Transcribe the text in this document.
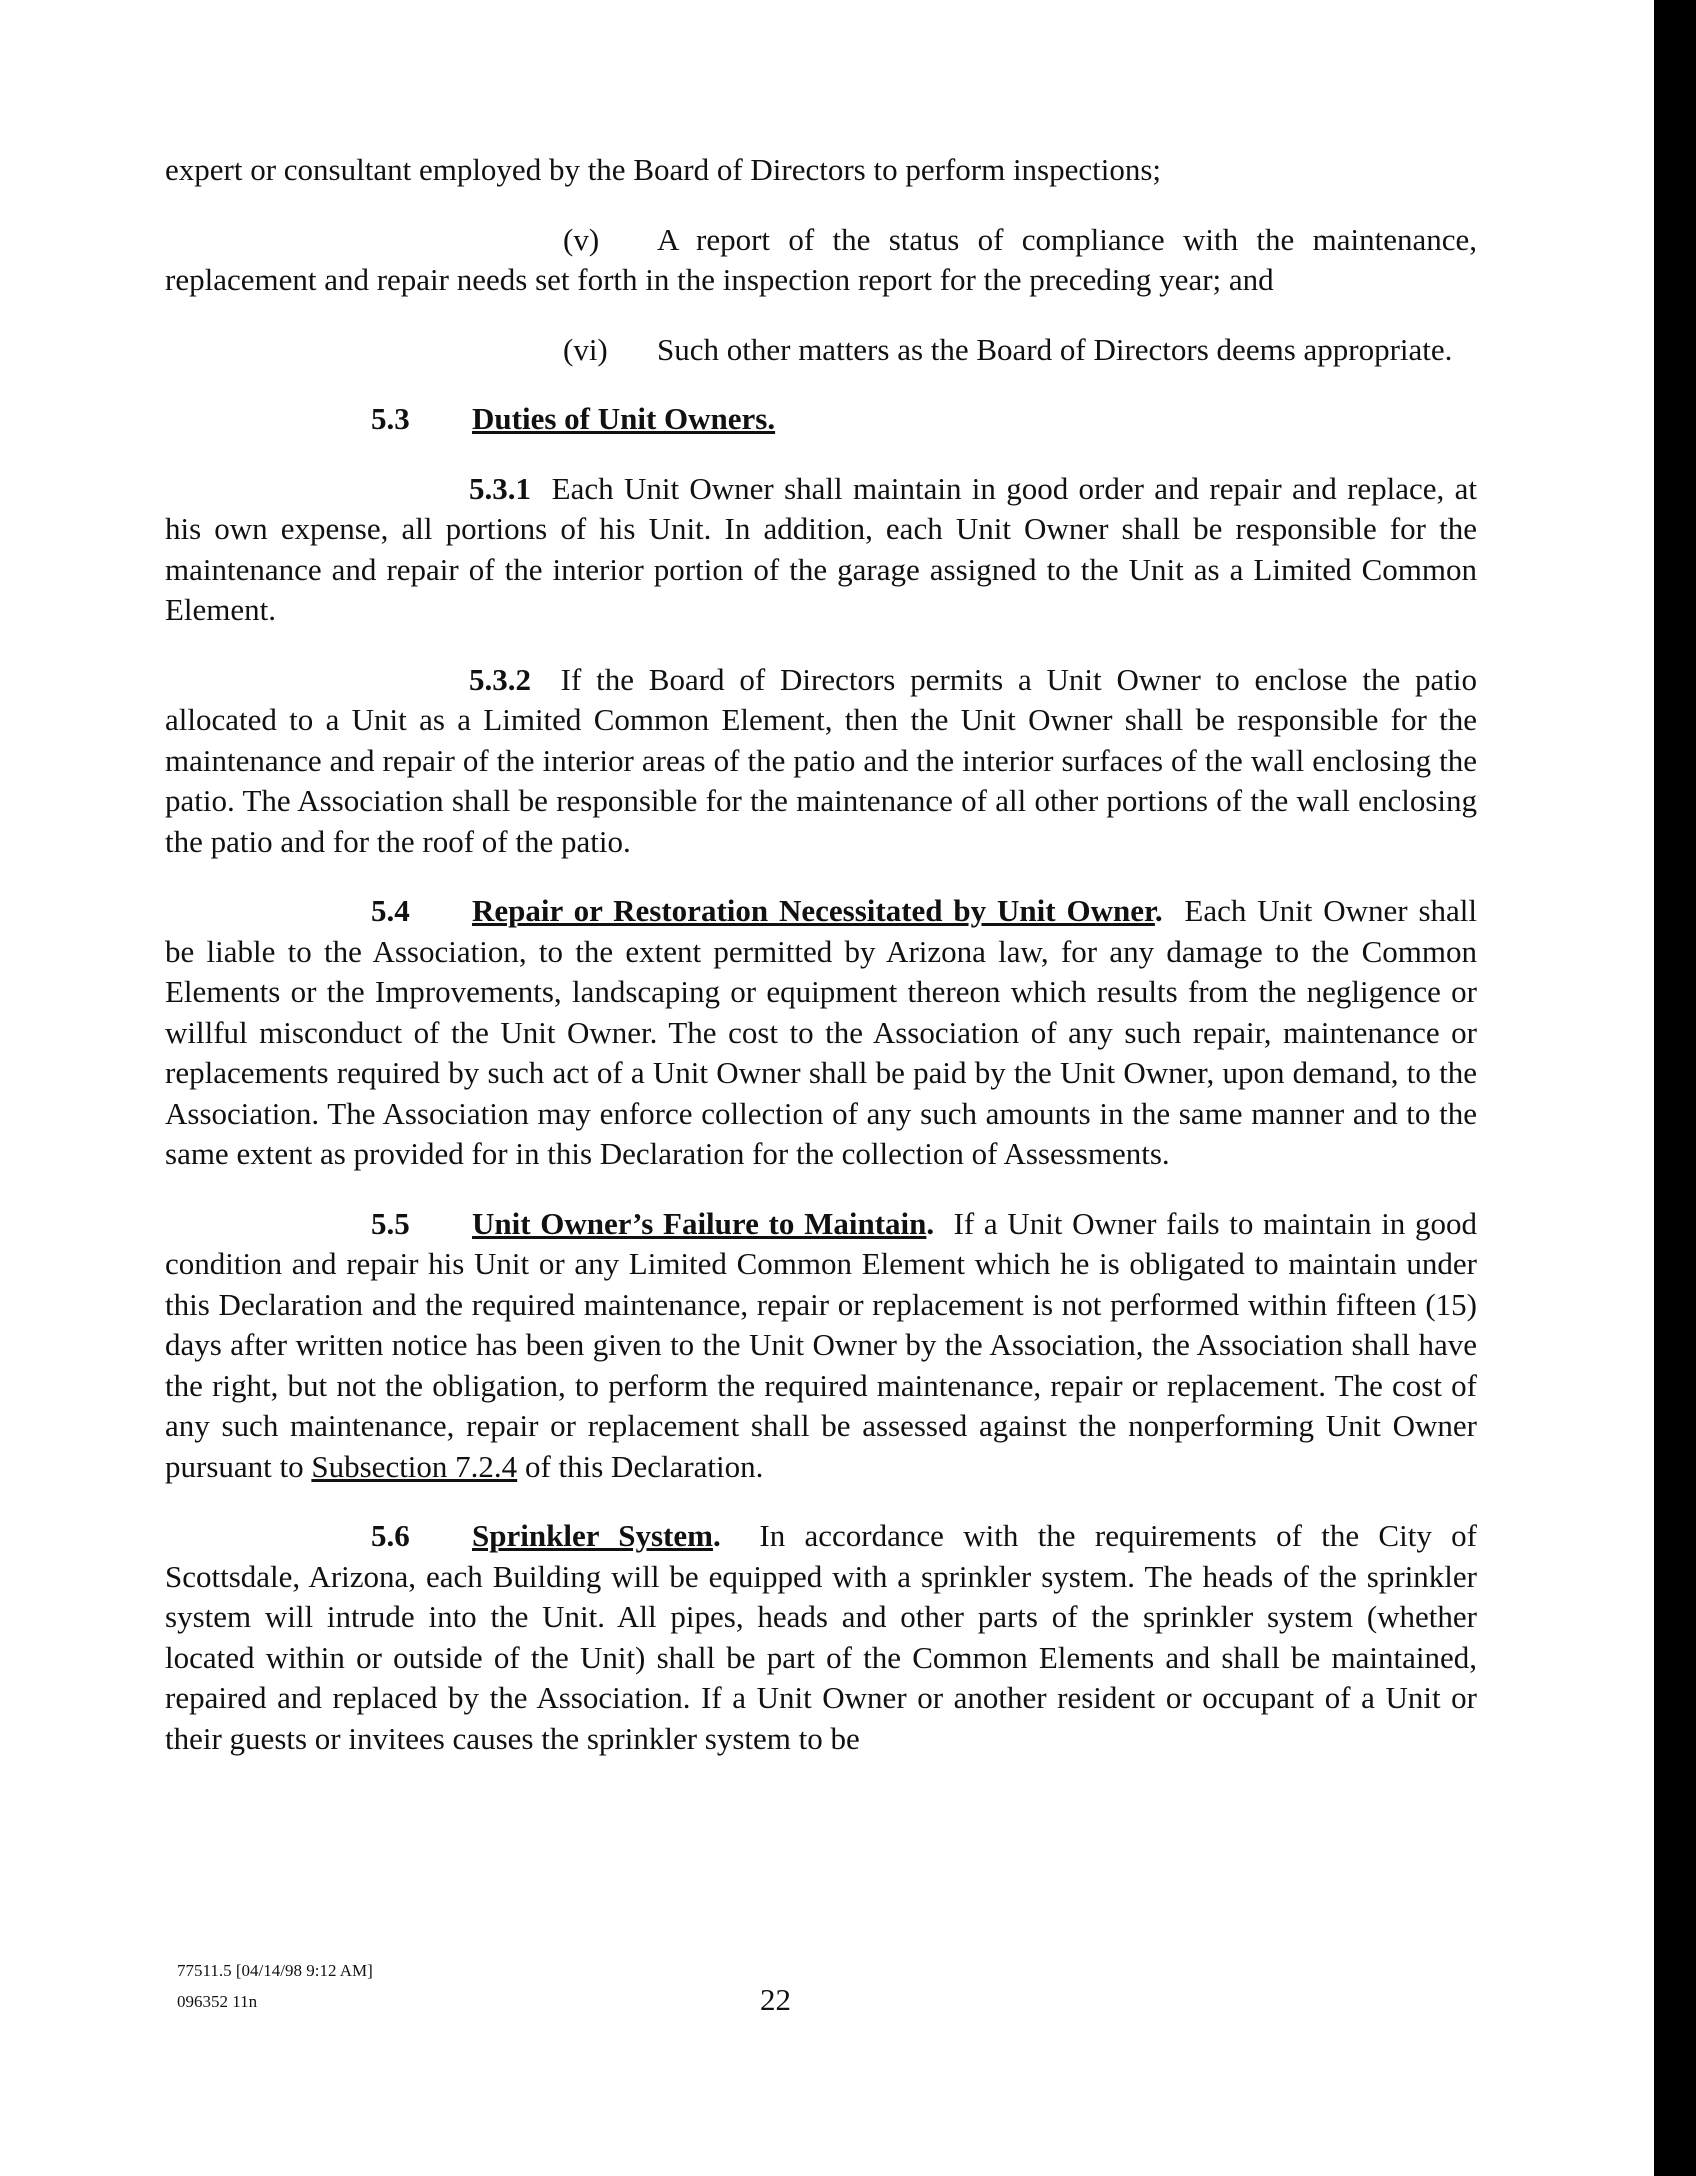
expert or consultant employed by the Board of Directors to perform inspections;

(v) A report of the status of compliance with the maintenance, replacement and repair needs set forth in the inspection report for the preceding year; and

(vi) Such other matters as the Board of Directors deems appropriate.

5.3 Duties of Unit Owners.

5.3.1 Each Unit Owner shall maintain in good order and repair and replace, at his own expense, all portions of his Unit. In addition, each Unit Owner shall be responsible for the maintenance and repair of the interior portion of the garage assigned to the Unit as a Limited Common Element.

5.3.2 If the Board of Directors permits a Unit Owner to enclose the patio allocated to a Unit as a Limited Common Element, then the Unit Owner shall be responsible for the maintenance and repair of the interior areas of the patio and the interior surfaces of the wall enclosing the patio. The Association shall be responsible for the maintenance of all other portions of the wall enclosing the patio and for the roof of the patio.

5.4 Repair or Restoration Necessitated by Unit Owner. Each Unit Owner shall be liable to the Association, to the extent permitted by Arizona law, for any damage to the Common Elements or the Improvements, landscaping or equipment thereon which results from the negligence or willful misconduct of the Unit Owner. The cost to the Association of any such repair, maintenance or replacements required by such act of a Unit Owner shall be paid by the Unit Owner, upon demand, to the Association. The Association may enforce collection of any such amounts in the same manner and to the same extent as provided for in this Declaration for the collection of Assessments.

5.5 Unit Owner’s Failure to Maintain. If a Unit Owner fails to maintain in good condition and repair his Unit or any Limited Common Element which he is obligated to maintain under this Declaration and the required maintenance, repair or replacement is not performed within fifteen (15) days after written notice has been given to the Unit Owner by the Association, the Association shall have the right, but not the obligation, to perform the required maintenance, repair or replacement. The cost of any such maintenance, repair or replacement shall be assessed against the nonperforming Unit Owner pursuant to Subsection 7.2.4 of this Declaration.

5.6 Sprinkler System. In accordance with the requirements of the City of Scottsdale, Arizona, each Building will be equipped with a sprinkler system. The heads of the sprinkler system will intrude into the Unit. All pipes, heads and other parts of the sprinkler system (whether located within or outside of the Unit) shall be part of the Common Elements and shall be maintained, repaired and replaced by the Association. If a Unit Owner or another resident or occupant of a Unit or their guests or invitees causes the sprinkler system to be

77511.5 [04/14/98 9:12 AM]
096352 11n	22
